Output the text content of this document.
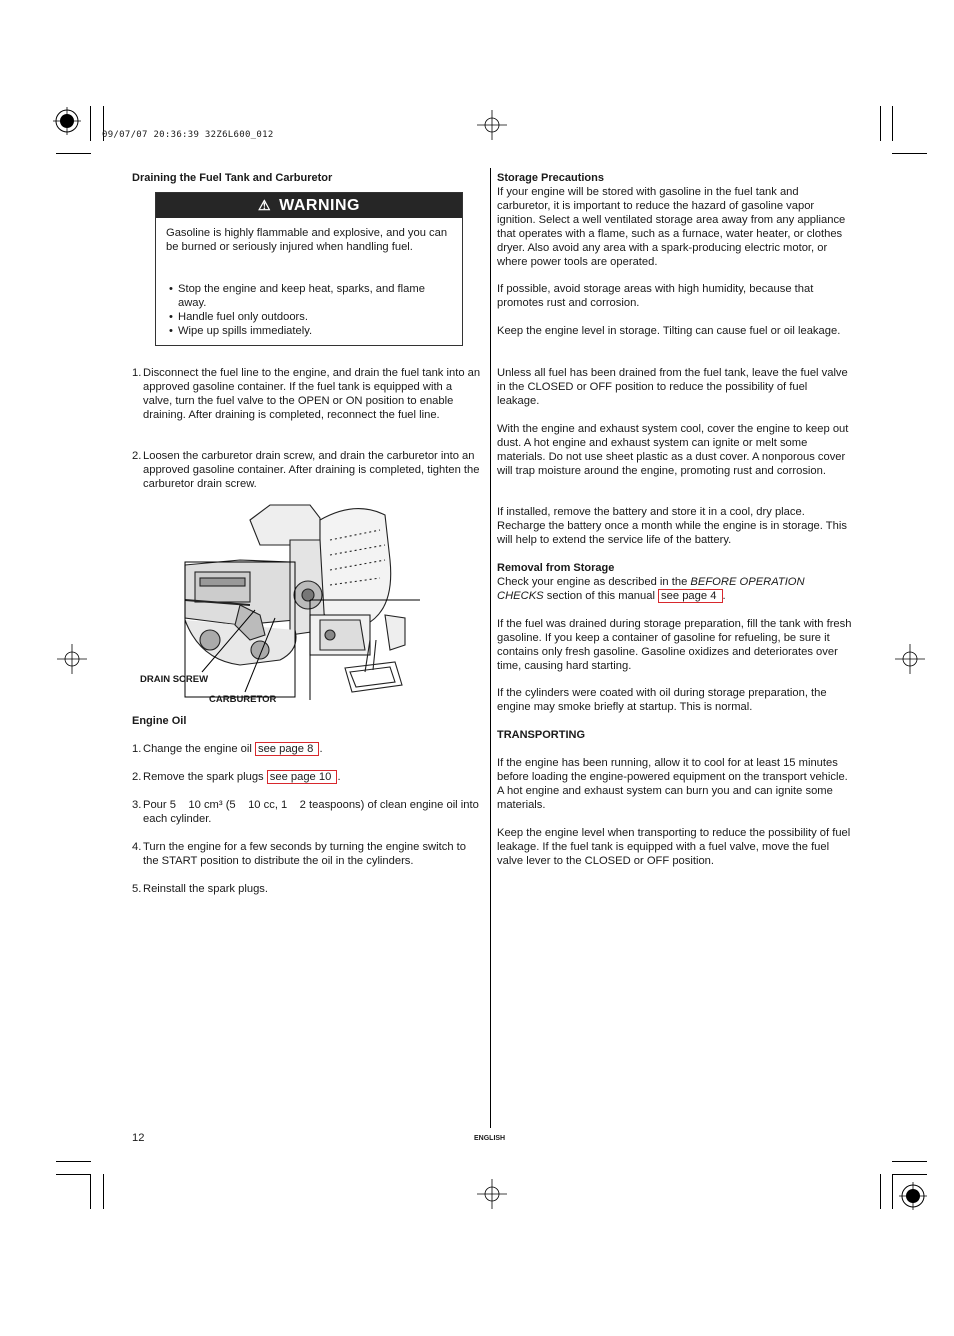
09/07/07 20:36:39 32Z6L600_012
Draining the Fuel Tank and Carburetor
⚠ WARNING
Gasoline is highly flammable and explosive, and you can be burned or seriously injured when handling fuel.
• Stop the engine and keep heat, sparks, and flame away.
• Handle fuel only outdoors.
• Wipe up spills immediately.
1. Disconnect the fuel line to the engine, and drain the fuel tank into an approved gasoline container. If the fuel tank is equipped with a valve, turn the fuel valve to the OPEN or ON position to enable draining. After draining is completed, reconnect the fuel line.
2. Loosen the carburetor drain screw, and drain the carburetor into an approved gasoline container. After draining is completed, tighten the carburetor drain screw.
DRAIN SCREW
CARBURETOR
Engine Oil
1. Change the engine oil see page 8 .
2. Remove the spark plugs see page 10 .
3. Pour 5    10 cm³ (5    10 cc, 1    2 teaspoons) of clean engine oil into each cylinder.
4. Turn the engine for a few seconds by turning the engine switch to the START position to distribute the oil in the cylinders.
5. Reinstall the spark plugs.
Storage Precautions
If your engine will be stored with gasoline in the fuel tank and carburetor, it is important to reduce the hazard of gasoline vapor ignition. Select a well ventilated storage area away from any appliance that operates with a flame, such as a furnace, water heater, or clothes dryer. Also avoid any area with a spark-producing electric motor, or where power tools are operated.
If possible, avoid storage areas with high humidity, because that promotes rust and corrosion.
Keep the engine level in storage. Tilting can cause fuel or oil leakage.
Unless all fuel has been drained from the fuel tank, leave the fuel valve in the CLOSED or OFF position to reduce the possibility of fuel leakage.
With the engine and exhaust system cool, cover the engine to keep out dust. A hot engine and exhaust system can ignite or melt some materials. Do not use sheet plastic as a dust cover. A nonporous cover will trap moisture around the engine, promoting rust and corrosion.
If installed, remove the battery and store it in a cool, dry place. Recharge the battery once a month while the engine is in storage. This will help to extend the service life of the battery.
Removal from Storage
Check your engine as described in the BEFORE OPERATION CHECKS section of this manual see page 4 .
If the fuel was drained during storage preparation, fill the tank with fresh gasoline. If you keep a container of gasoline for refueling, be sure it contains only fresh gasoline. Gasoline oxidizes and deteriorates over time, causing hard starting.
If the cylinders were coated with oil during storage preparation, the engine may smoke briefly at startup. This is normal.
TRANSPORTING
If the engine has been running, allow it to cool for at least 15 minutes before loading the engine-powered equipment on the transport vehicle. A hot engine and exhaust system can burn you and can ignite some materials.
Keep the engine level when transporting to reduce the possibility of fuel leakage. If the fuel tank is equipped with a fuel valve, move the fuel valve lever to the CLOSED or OFF position.
12	ENGLISH
